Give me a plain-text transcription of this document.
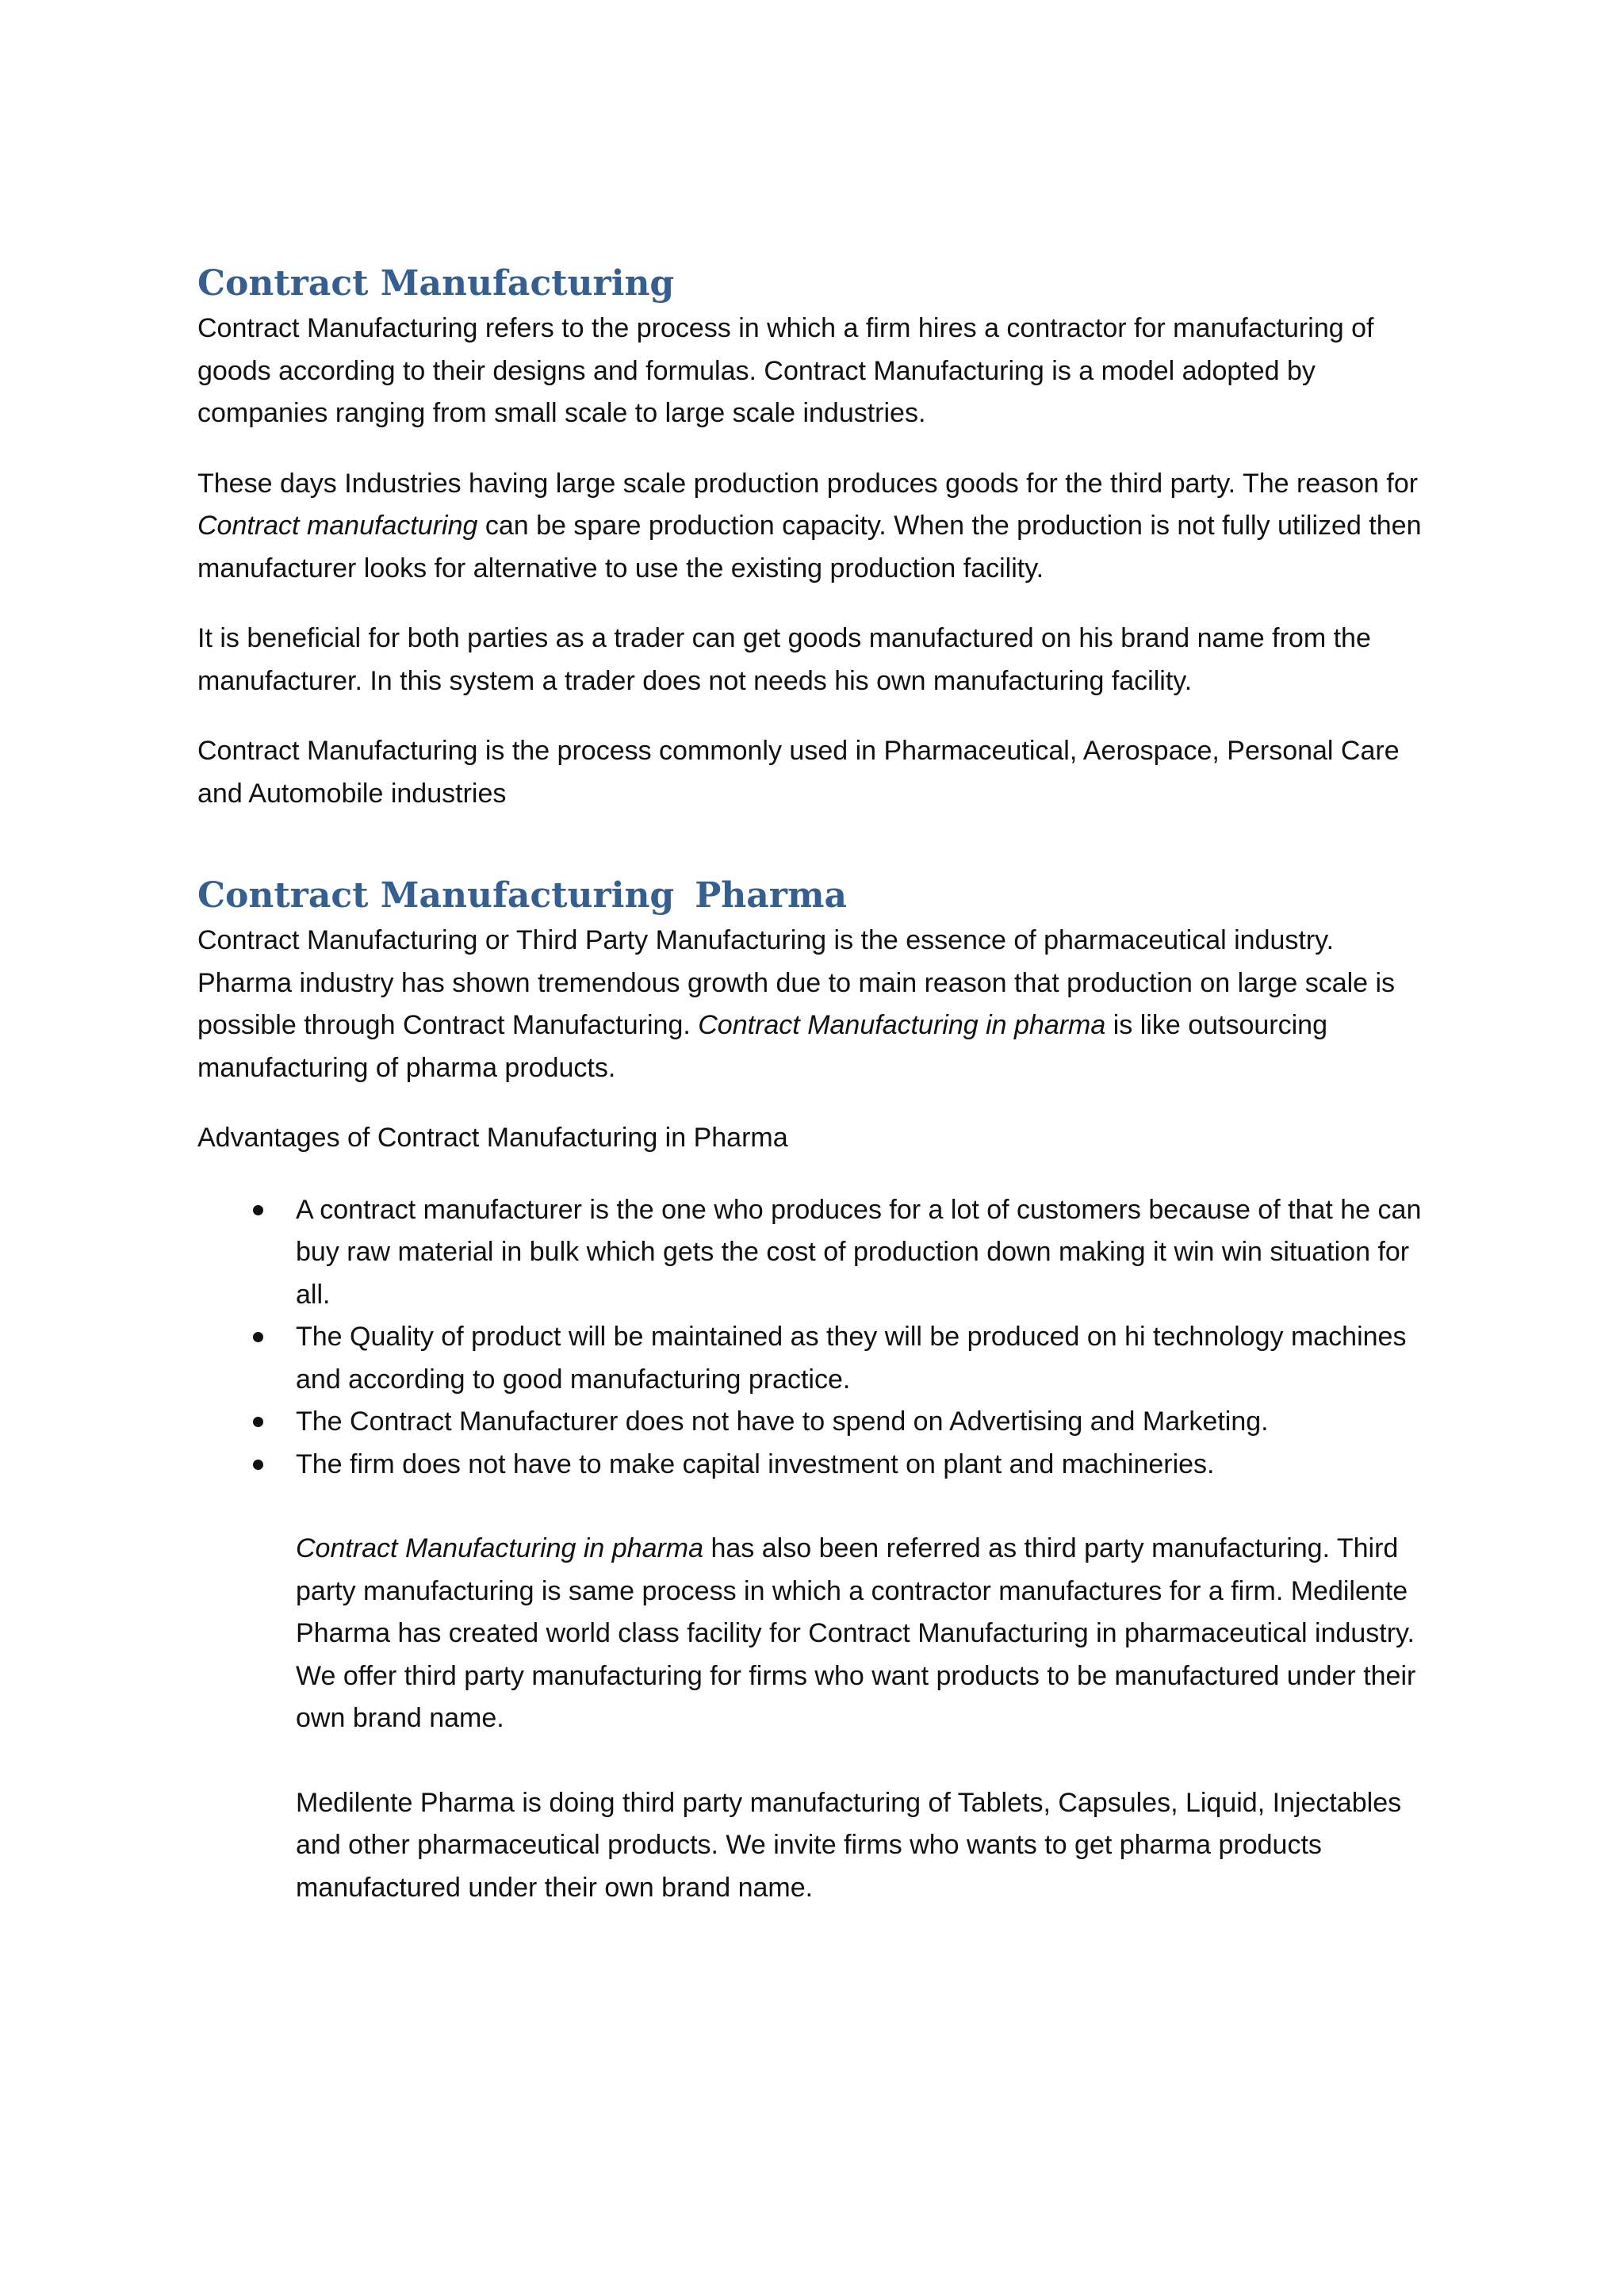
Contract Manufacturing

Contract Manufacturing refers to the process in which a firm hires a contractor for manufacturing of goods according to their designs and formulas. Contract Manufacturing is a model adopted by companies ranging from small scale to large scale industries.

These days Industries having large scale production produces goods for the third party. The reason for Contract manufacturing can be spare production capacity. When the production is not fully utilized then manufacturer looks for alternative to use the existing production facility.

It is beneficial for both parties as a trader can get goods manufactured on his brand name from the manufacturer. In this system a trader does not needs his own manufacturing facility.

Contract Manufacturing is the process commonly used in Pharmaceutical, Aerospace, Personal Care and Automobile industries

Contract Manufacturing Pharma

Contract Manufacturing or Third Party Manufacturing is the essence of pharmaceutical industry. Pharma industry has shown tremendous growth due to main reason that production on large scale is possible through Contract Manufacturing. Contract Manufacturing in pharma is like outsourcing manufacturing of pharma products.

Advantages of Contract Manufacturing in Pharma

A contract manufacturer is the one who produces for a lot of customers because of that he can buy raw material in bulk which gets the cost of production down making it win win situation for all.
The Quality of product will be maintained as they will be produced on hi technology machines and according to good manufacturing practice.
The Contract Manufacturer does not have to spend on Advertising and Marketing.
The firm does not have to make capital investment on plant and machineries.

Contract Manufacturing in pharma has also been referred as third party manufacturing. Third party manufacturing is same process in which a contractor manufactures for a firm. Medilente Pharma has created world class facility for Contract Manufacturing in pharmaceutical industry. We offer third party manufacturing for firms who want products to be manufactured under their own brand name.

Medilente Pharma is doing third party manufacturing of Tablets, Capsules, Liquid, Injectables and other pharmaceutical products. We invite firms who wants to get pharma products manufactured under their own brand name.
